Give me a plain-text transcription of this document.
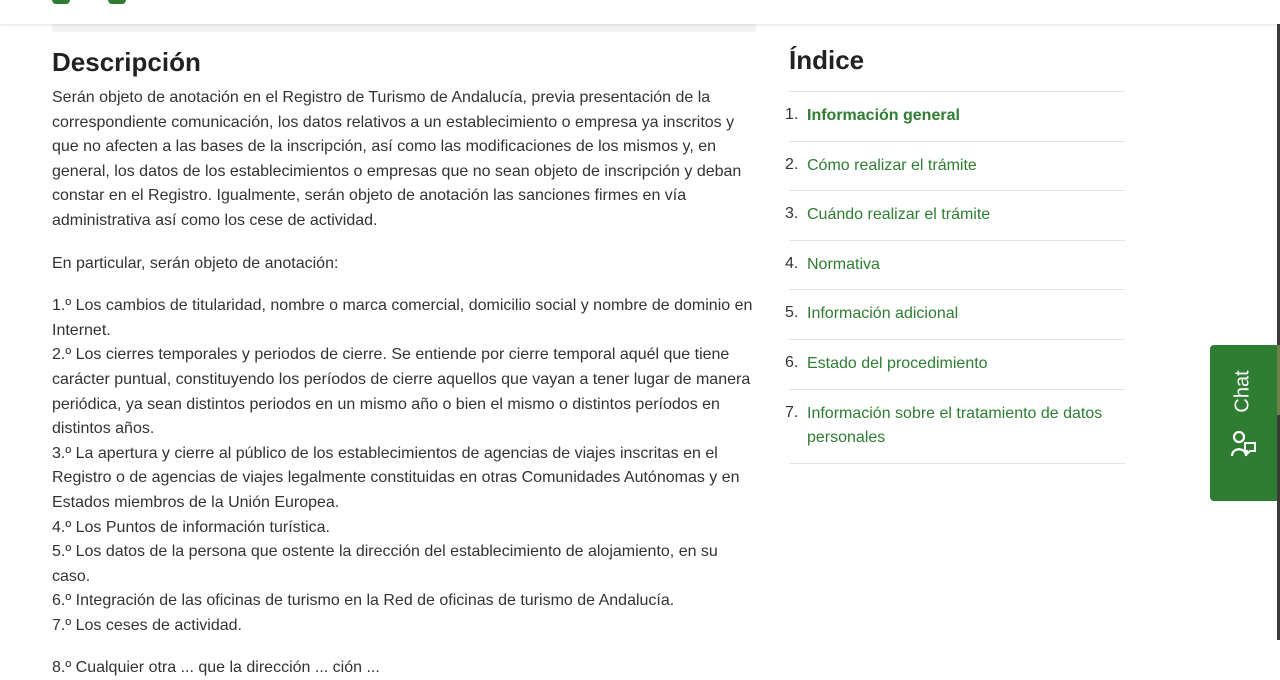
Descripción

Serán objeto de anotación en el Registro de Turismo de Andalucía, previa presentación de la correspondiente comunicación, los datos relativos a un establecimiento o empresa ya inscritos y que no afecten a las bases de la inscripción, así como las modificaciones de los mismos y, en general, los datos de los establecimientos o empresas que no sean objeto de inscripción y deban constar en el Registro. Igualmente, serán objeto de anotación las sanciones firmes en vía administrativa así como los cese de actividad.

En particular, serán objeto de anotación:

1.º Los cambios de titularidad, nombre o marca comercial, domicilio social y nombre de dominio en Internet.
2.º Los cierres temporales y periodos de cierre. Se entiende por cierre temporal aquél que tiene carácter puntual, constituyendo los períodos de cierre aquellos que vayan a tener lugar de manera periódica, ya sean distintos periodos en un mismo año o bien el mismo o distintos períodos en distintos años.
3.º La apertura y cierre al público de los establecimientos de agencias de viajes inscritas en el Registro o de agencias de viajes legalmente constituidas en otras Comunidades Autónomas y en Estados miembros de la Unión Europea.
4.º Los Puntos de información turística.
5.º Los datos de la persona que ostente la dirección del establecimiento de alojamiento, en su caso.
6.º Integración de las oficinas de turismo en la Red de oficinas de turismo de Andalucía.
7.º Los ceses de actividad.
8.º Cualquier otra ... que la dirección ... ción ...
Índice
1. Información general
2. Cómo realizar el trámite
3. Cuándo realizar el trámite
4. Normativa
5. Información adicional
6. Estado del procedimiento
7. Información sobre el tratamiento de datos personales
Chat
